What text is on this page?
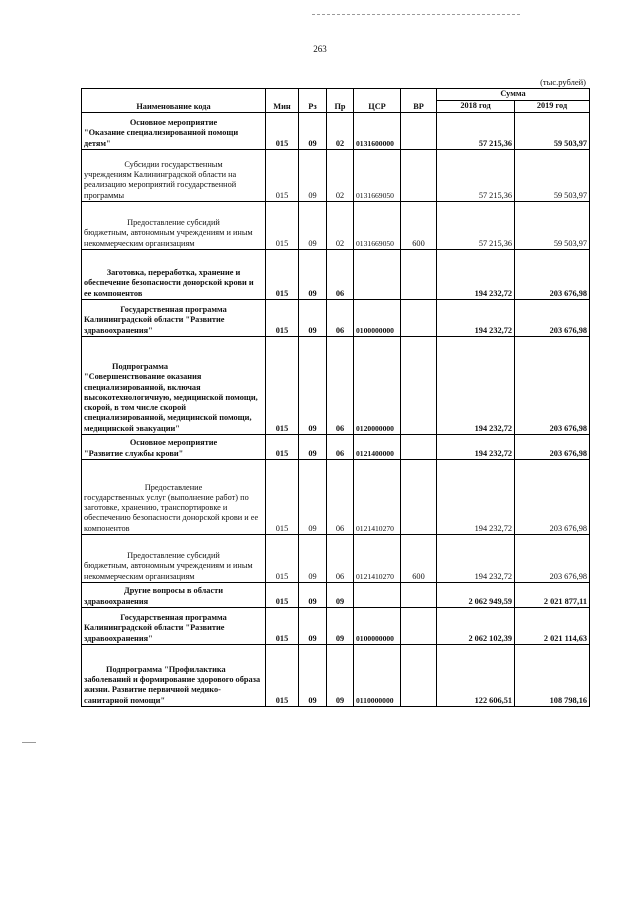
263
(тыс.рублей)
Наименование кода	Мин	Рз	Пр	ЦСР	ВР	Сумма	
						2018 год	2019 год

Основное мероприятие
"Оказание специализированной помощи детям"	015	09	02	0131600000		57 215,36	59 503,97

Субсидии государственным
учреждениям Калининградской области на реализацию мероприятий государственной программы	015	09	02	0131669050		57 215,36	59 503,97

Предоставление субсидий
бюджетным, автономным учреждениям и иным некоммерческим организациям	015	09	02	0131669050	600	57 215,36	59 503,97

Заготовка, переработка, хранение и
обеспечение безопасности донорской крови и ее компонентов	015	09	06			194 232,72	203 676,98

Государственная программа
Калининградской области "Развитие здравоохранения"	015	09	06	0100000000		194 232,72	203 676,98

Подпрограмма
"Совершенствование оказания специализированной, включая высокотехнологичную, медицинской помощи, скорой, в том числе скорой специализированной, медицинской помощи, медицинской эвакуации"	015	09	06	0120000000		194 232,72	203 676,98

Основное мероприятие
"Развитие службы крови"	015	09	06	0121400000		194 232,72	203 676,98

Предоставление
государственных услуг (выполнение работ) по заготовке, хранению, транспортировке и обеспечению безопасности донорской крови и ее компонентов	015	09	06	0121410270		194 232,72	203 676,98

Предоставление субсидий
бюджетным, автономным учреждениям и иным некоммерческим организациям	015	09	06	0121410270	600	194 232,72	203 676,98

Другие вопросы в области
здравоохранения	015	09	09			2 062 949,59	2 021 877,11

Государственная программа
Калининградской области "Развитие здравоохранения"	015	09	09	0100000000		2 062 102,39	2 021 114,63

Подпрограмма "Профилактика
заболеваний и формирование здорового образа жизни. Развитие первичной медико-санитарной помощи"	015	09	09	0110000000		122 606,51	108 798,16
